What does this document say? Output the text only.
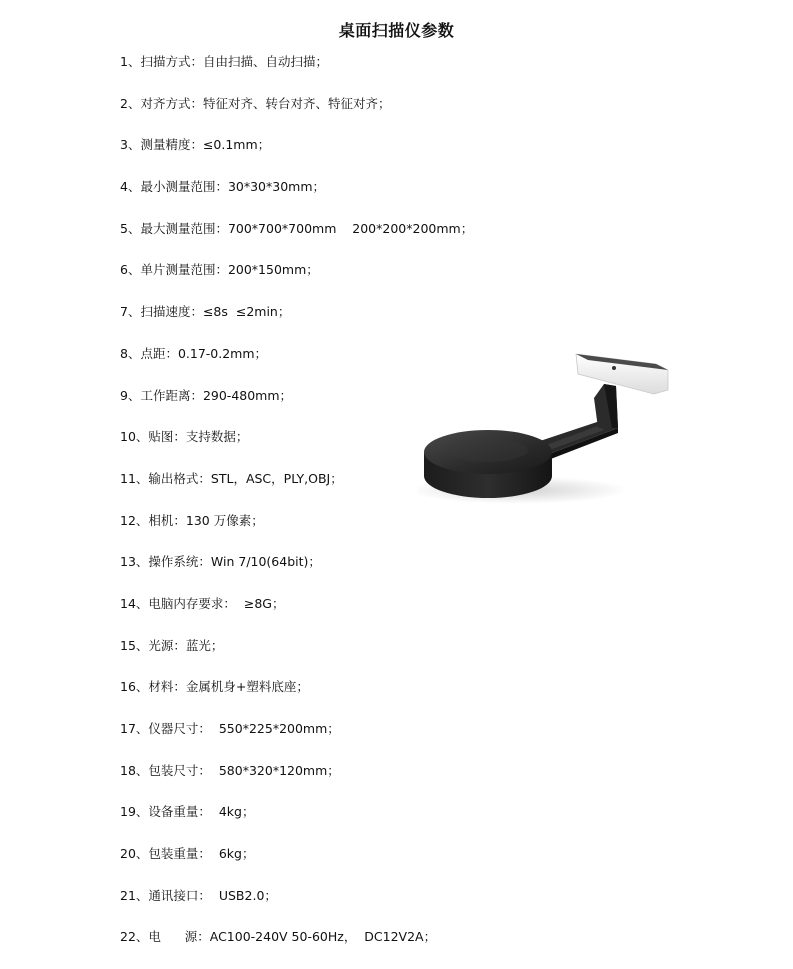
桌面扫描仪参数
1、扫描方式：自由扫描、自动扫描；
2、对齐方式：特征对齐、转台对齐、特征对齐；
3、测量精度：≤0.1mm；
4、最小测量范围：30*30*30mm；
5、最大测量范围：700*700*700mm    200*200*200mm；
6、单片测量范围：200*150mm；
7、扫描速度：≤8s  ≤2min；
8、点距：0.17-0.2mm；
9、工作距离：290-480mm；
10、贴图：支持数据；
11、输出格式：STL，ASC，PLY,OBJ；
12、相机：130 万像素；
13、操作系统：Win 7/10(64bit)；
14、电脑内存要求：  ≥8G；
15、光源：蓝光；
16、材料：金属机身+塑料底座；
17、仪器尺寸：  550*225*200mm；
18、包装尺寸：  580*320*120mm；
19、设备重量：  4kg；
20、包装重量：  6kg；
21、通讯接口：  USB2.0；
22、电      源：AC100-240V 50-60Hz，  DC12V2A；
